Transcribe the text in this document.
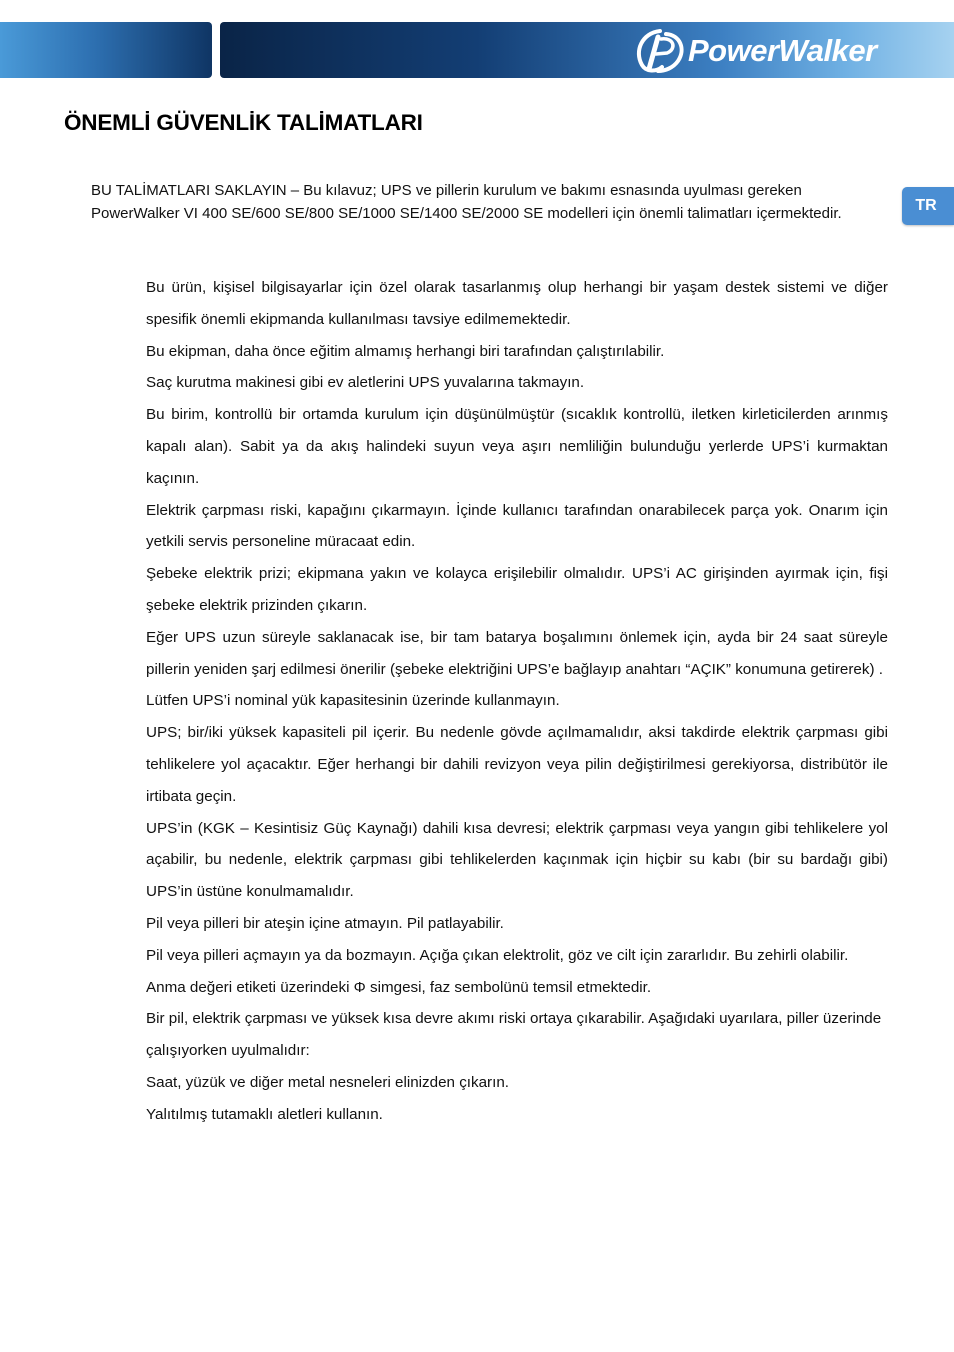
PowerWalker
ÖNEMLİ GÜVENLİK TALİMATLARI
TR

BU TALİMATLARI SAKLAYIN – Bu kılavuz; UPS ve pillerin kurulum ve bakımı esnasında uyulması gereken PowerWalker VI 400 SE/600 SE/800 SE/1000 SE/1400 SE/2000 SE modelleri için önemli talimatları içermektedir.

Bu ürün, kişisel bilgisayarlar için özel olarak tasarlanmış olup herhangi bir yaşam destek sistemi ve diğer spesifik önemli ekipmanda kullanılması tavsiye edilmemektedir.
Bu ekipman, daha önce eğitim almamış herhangi biri tarafından çalıştırılabilir.
Saç kurutma makinesi gibi ev aletlerini UPS yuvalarına takmayın.
Bu birim, kontrollü bir ortamda kurulum için düşünülmüştür (sıcaklık kontrollü, iletken kirleticilerden arınmış kapalı alan). Sabit ya da akış halindeki suyun veya aşırı nemliliğin bulunduğu yerlerde UPS’i kurmaktan kaçının.
Elektrik çarpması riski, kapağını çıkarmayın. İçinde kullanıcı tarafından onarabilecek parça yok. Onarım için yetkili servis personeline müracaat edin.
Şebeke elektrik prizi; ekipmana yakın ve kolayca erişilebilir olmalıdır. UPS’i AC girişinden ayırmak için, fişi şebeke elektrik prizinden çıkarın.
Eğer UPS uzun süreyle saklanacak ise, bir tam batarya boşalımını önlemek için, ayda bir 24 saat süreyle pillerin yeniden şarj edilmesi önerilir (şebeke elektriğini UPS’e bağlayıp anahtarı “AÇIK” konumuna getirerek) .
Lütfen UPS’i nominal yük kapasitesinin üzerinde kullanmayın.
UPS; bir/iki yüksek kapasiteli pil içerir. Bu nedenle gövde açılmamalıdır, aksi takdirde elektrik çarpması gibi tehlikelere yol açacaktır. Eğer herhangi bir dahili revizyon veya pilin değiştirilmesi gerekiyorsa, distribütör ile irtibata geçin.
UPS’in (KGK – Kesintisiz Güç Kaynağı) dahili kısa devresi; elektrik çarpması veya yangın gibi tehlikelere yol açabilir, bu nedenle, elektrik çarpması gibi tehlikelerden kaçınmak için hiçbir su kabı (bir su bardağı gibi) UPS’in üstüne konulmamalıdır.
Pil veya pilleri bir ateşin içine atmayın. Pil patlayabilir.
Pil veya pilleri açmayın ya da bozmayın. Açığa çıkan elektrolit, göz ve cilt için zararlıdır. Bu zehirli olabilir.
Anma değeri etiketi üzerindeki Φ simgesi, faz sembolünü temsil etmektedir.
Bir pil, elektrik çarpması ve yüksek kısa devre akımı riski ortaya çıkarabilir. Aşağıdaki uyarılara, piller üzerinde çalışıyorken uyulmalıdır:
Saat, yüzük ve diğer metal nesneleri elinizden çıkarın.
Yalıtılmış tutamaklı aletleri kullanın.
